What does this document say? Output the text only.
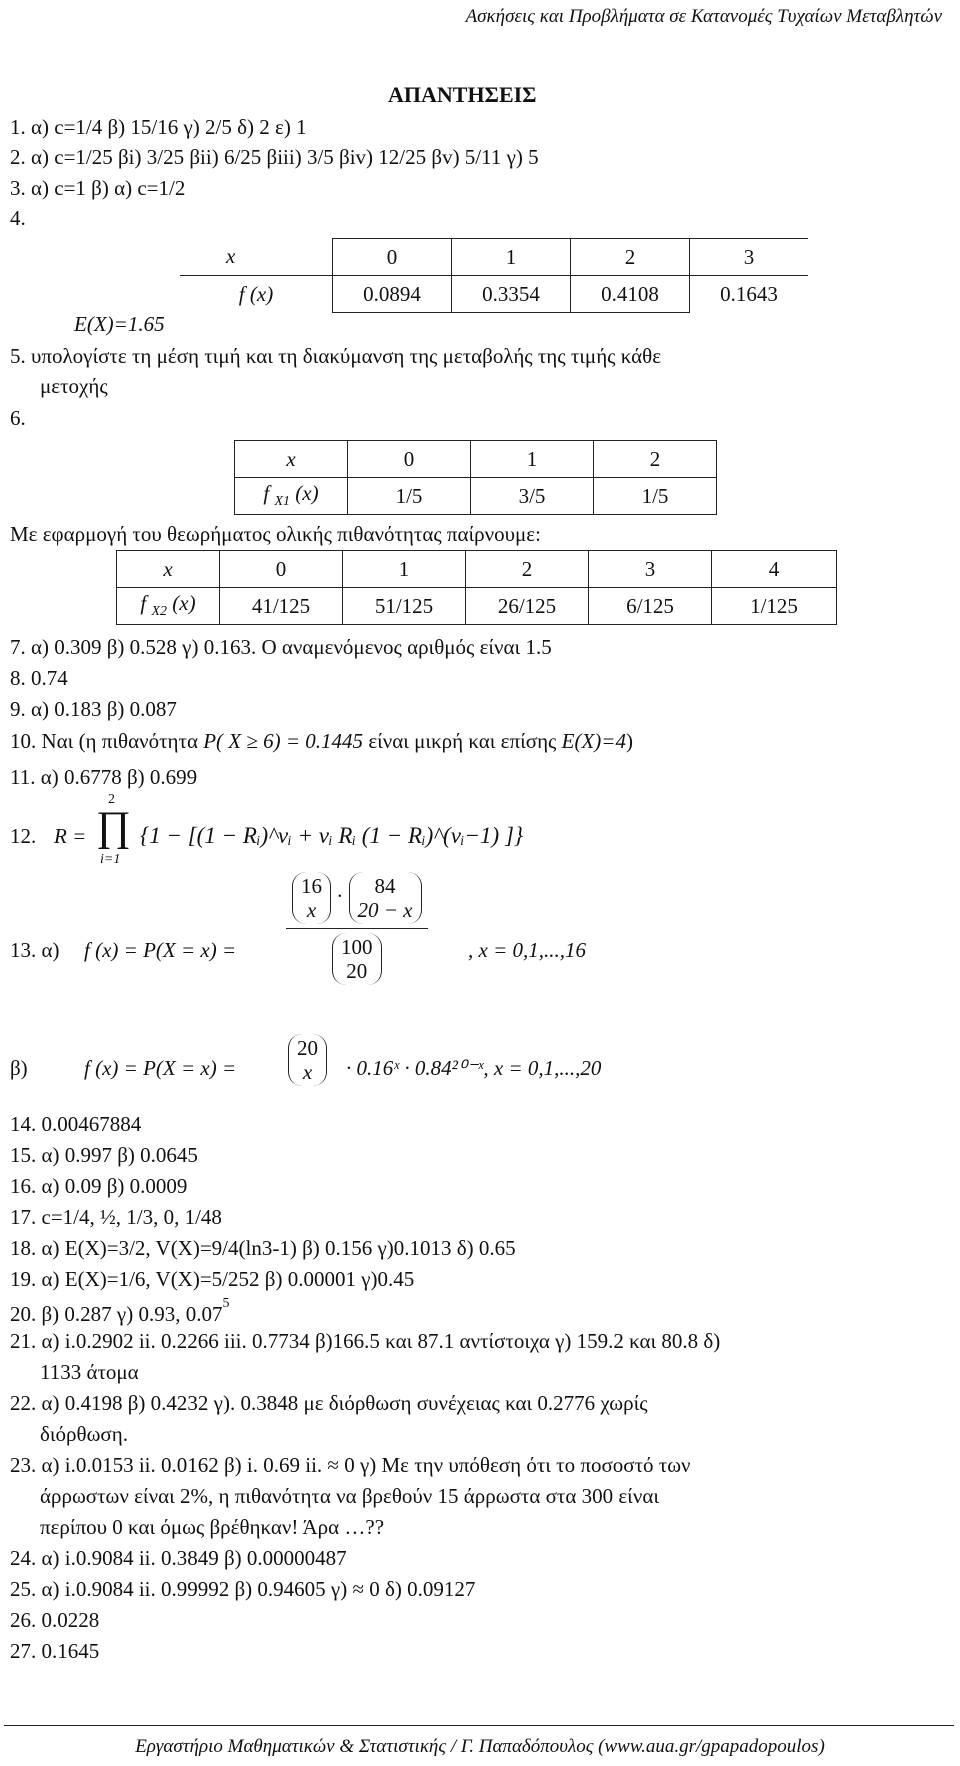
Ασκήσεις και Προβλήματα σε Κατανομές Τυχαίων Μεταβλητών
ΑΠΑΝΤΗΣΕΙΣ
1. α) c=1/4 β) 15/16 γ) 2/5 δ) 2 ε) 1
2. α) c=1/25 βi) 3/25 βii) 6/25 βiii) 3/5 βiv) 12/25 βv) 5/11 γ) 5
3. α) c=1 β) α) c=1/2
4.
x	0	1	2	3
f (x)	0.0894	0.3354	0.4108	0.1643
E(X)=1.65
5. υπολογίστε τη μέση τιμή και τη διακύμανση της μεταβολής της τιμής κάθε
μετοχής
6.
x	0	1	2
f $_{X1}$ (x)	1/5	3/5	1/5
Με εφαρμογή του θεωρήματος ολικής πιθανότητας παίρνουμε:
x	0	1	2	3	4
f $_{X2}$ (x)	41/125	51/125	26/125	6/125	1/125
7. α) 0.309 β) 0.528 γ) 0.163. Ο αναμενόμενος αριθμός είναι 1.5
8. 0.74
9. α) 0.183 β) 0.087
10. Ναι (η πιθανότητα P( X ≥ 6) = 0.1445 είναι μικρή και επίσης E(X)=4)
11. α) 0.6778 β) 0.699
12. R =
2
∏
i=1
{1 − [(1 − Rᵢ)^νᵢ + νᵢ Rᵢ (1 − Rᵢ)^(νᵢ−1) ]}
13. α) f (x) = P(X = x) =
16
x · 84
20 − x
100
20
, x = 0,1,...,16
β)	f (x) = P(X = x) =
20
x	· 0.16ˣ · 0.84²⁰⁻ˣ, x = 0,1,...,20
14. 0.00467884
15. α) 0.997 β) 0.0645
16. α) 0.09 β) 0.0009
17. c=1/4, ½, 1/3, 0, 1/48
18. α) E(X)=3/2, V(X)=9/4(ln3-1) β) 0.156 γ)0.1013 δ) 0.65
19. α) E(X)=1/6, V(X)=5/252 β) 0.00001 γ)0.45
20. β) 0.287 γ) 0.93, 0.07$^5$
21. α) i.0.2902 ii. 0.2266 iii. 0.7734 β)166.5 και 87.1 αντίστοιχα γ) 159.2 και 80.8 δ)
1133 άτομα
22. α) 0.4198 β) 0.4232 γ). 0.3848 με διόρθωση συνέχειας και 0.2776 χωρίς
διόρθωση.
23. α) i.0.0153 ii. 0.0162 β) i. 0.69 ii. ≈ 0 γ) Με την υπόθεση ότι το ποσοστό των
άρρωστων είναι 2%, η πιθανότητα να βρεθούν 15 άρρωστα στα 300 είναι
περίπου 0 και όμως βρέθηκαν! Άρα …??
24. α) i.0.9084 ii. 0.3849 β) 0.00000487
25. α) i.0.9084 ii. 0.99992 β) 0.94605 γ) ≈ 0 δ) 0.09127
26. 0.0228
27. 0.1645
Εργαστήριο Μαθηματικών & Στατιστικής / Γ. Παπαδόπουλος (www.aua.gr/gpapadopoulos)
